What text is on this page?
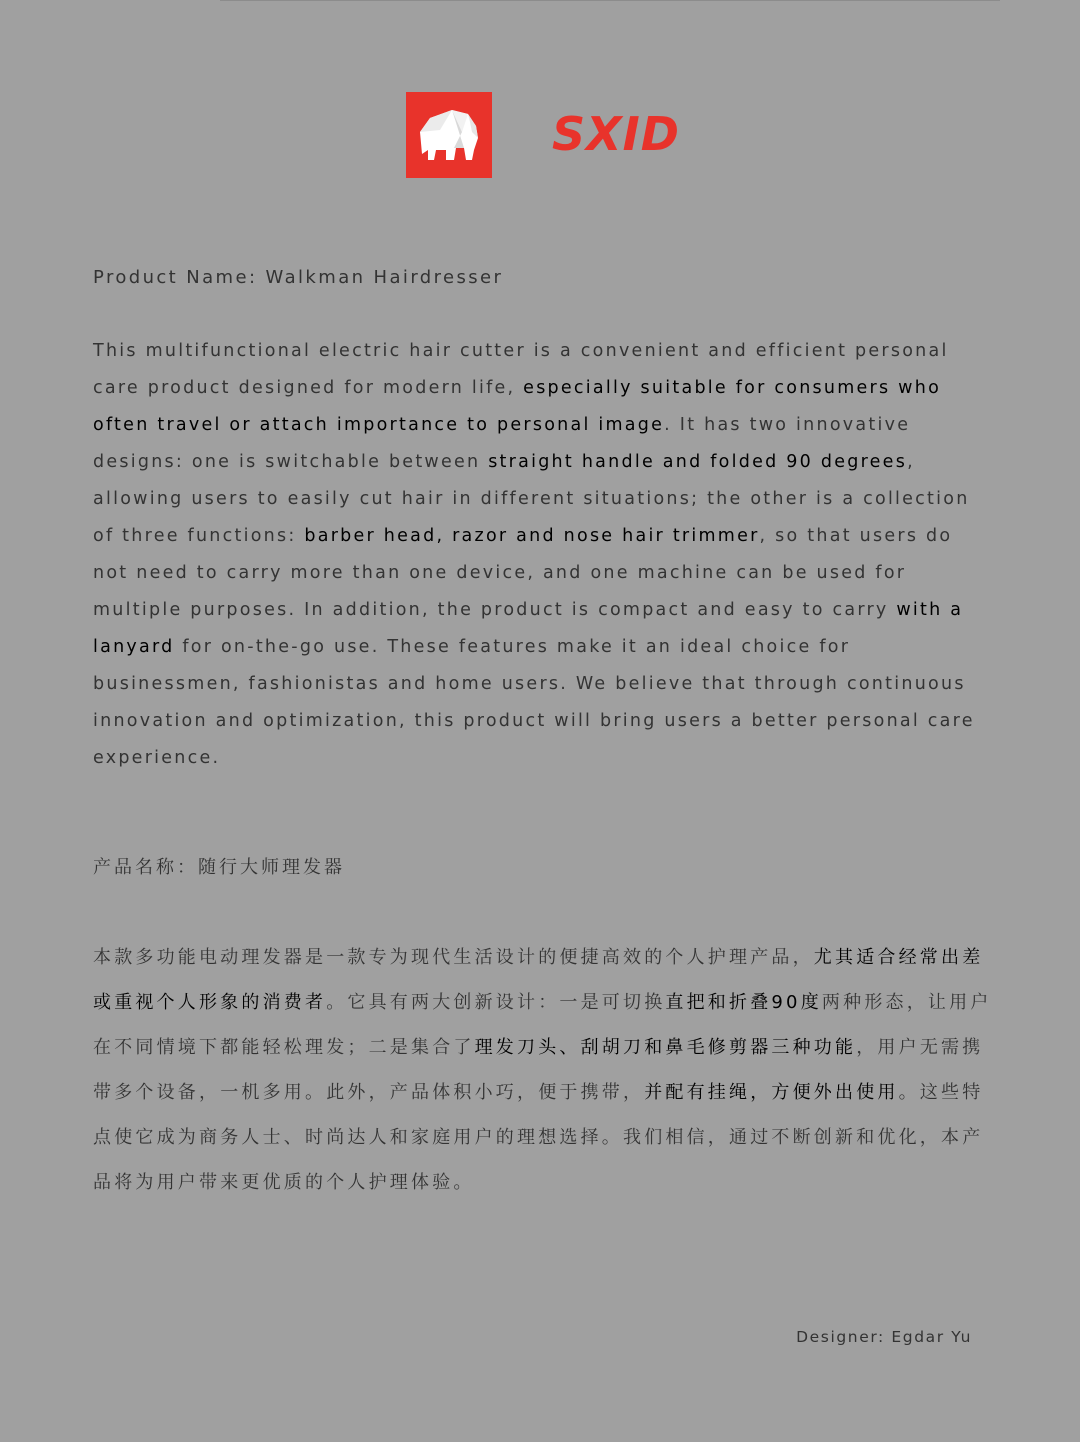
SXID
Product Name: Walkman Hairdresser
This multifunctional electric hair cutter is a convenient and efficient personal care product designed for modern life, especially suitable for consumers who often travel or attach importance to personal image. It has two innovative designs: one is switchable between straight handle and folded 90 degrees, allowing users to easily cut hair in different situations; the other is a collection of three functions: barber head, razor and nose hair trimmer, so that users do not need to carry more than one device, and one machine can be used for multiple purposes. In addition, the product is compact and easy to carry with a lanyard for on-the-go use. These features make it an ideal choice for businessmen, fashionistas and home users. We believe that through continuous innovation and optimization, this product will bring users a better personal care experience.
产品名称：随行大师理发器
本款多功能电动理发器是一款专为现代生活设计的便捷高效的个人护理产品，尤其适合经常出差或重视个人形象的消费者。它具有两大创新设计：一是可切换直把和折叠90度两种形态，让用户在不同情境下都能轻松理发；二是集合了理发刀头、刮胡刀和鼻毛修剪器三种功能，用户无需携带多个设备，一机多用。此外，产品体积小巧，便于携带，并配有挂绳，方便外出使用。这些特点使它成为商务人士、时尚达人和家庭用户的理想选择。我们相信，通过不断创新和优化，本产品将为用户带来更优质的个人护理体验。
Designer: Egdar Yu
